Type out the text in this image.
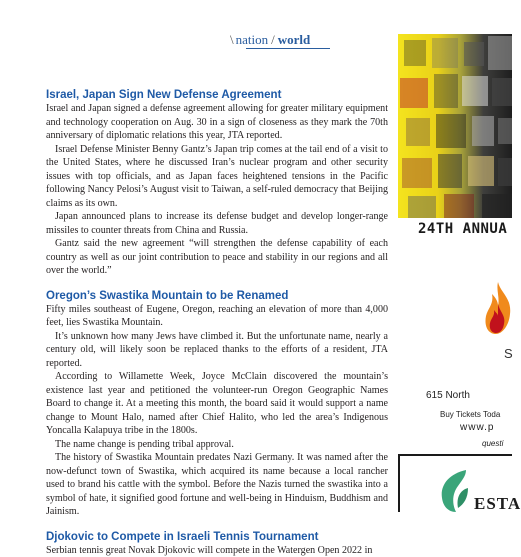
\ nation / world
Israel, Japan Sign New Defense Agreement

Israel and Japan signed a defense agreement allowing for greater military equipment and technology cooperation on Aug. 30 in a sign of closeness as they mark the 70th anniversary of diplomatic relations this year, JTA reported.

Israel Defense Minister Benny Gantz’s Japan trip comes at the tail end of a visit to the United States, where he discussed Iran’s nuclear program and other security issues with top officials, and as Japan faces heightened tensions in the Pacific following Nancy Pelosi’s August visit to Taiwan, a self-ruled democracy that Beijing claims as its own.

Japan announced plans to increase its defense budget and develop longer-range missiles to counter threats from China and Russia.

Gantz said the new agreement “will strengthen the defense capability of each country as well as our joint contribution to peace and stability in our regions and all over the world.”

Oregon’s Swastika Mountain to be Renamed

Fifty miles southeast of Eugene, Oregon, reaching an elevation of more than 4,000 feet, lies Swastika Mountain.

It’s unknown how many Jews have climbed it. But the unfortunate name, nearly a century old, will likely soon be replaced thanks to the efforts of a resident, JTA reported.

According to Willamette Week, Joyce McClain discovered the mountain’s existence last year and petitioned the volunteer-run Oregon Geographic Names Board to change it. At a meeting this month, the board said it would support a name change to Mount Halo, named after Chief Halito, who led the area’s Indigenous Yoncalla Kalapuya tribe in the 1800s.

The name change is pending tribal approval.

The history of Swastika Mountain predates Nazi Germany. It was named after the now-defunct town of Swastika, which acquired its name because a local rancher used to brand his cattle with the symbol. Before the Nazis turned the swastika into a symbol of hate, it signified good fortune and well-being in Hinduism, Buddhism and Jainism.

Djokovic to Compete in Israeli Tennis Tournament

Serbian tennis great Novak Djokovic will compete in the Watergen Open 2022 in

24TH ANNUA
S
615 North
Buy Tickets Toda
www.p
questi
ESTA
